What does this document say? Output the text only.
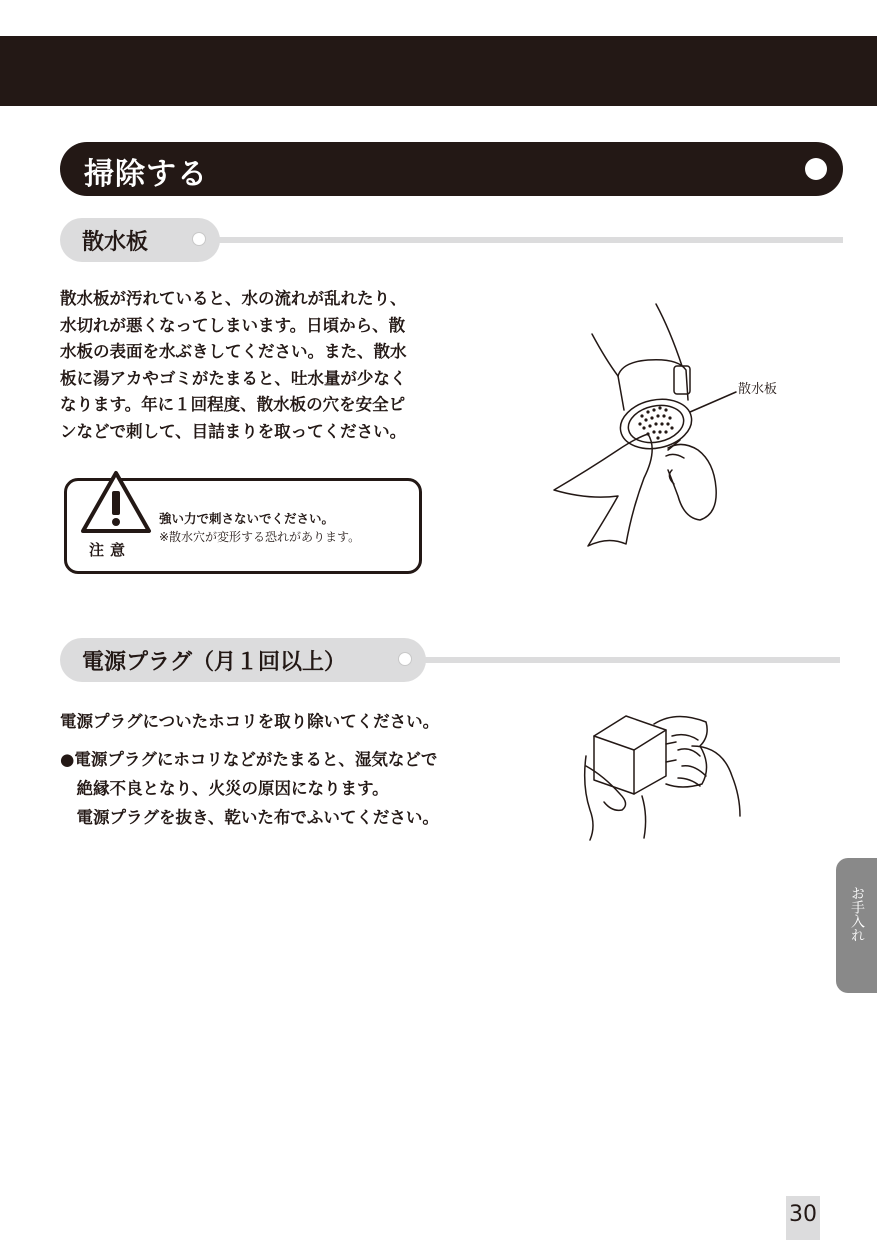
掃除する
散水板
散水板が汚れていると、水の流れが乱れたり、
水切れが悪くなってしまいます。日頃から、散
水板の表面を水ぶきしてください。また、散水
板に湯アカやゴミがたまると、吐水量が少なく
なります。年に１回程度、散水板の穴を安全ピ
ンなどで刺して、目詰まりを取ってください。
注意
強い力で刺さないでください。
※散水穴が変形する恐れがあります。
散水板
電源プラグ（月１回以上）
電源プラグについたホコリを取り除いてください。
●電源プラグにホコリなどがたまると、湿気などで
　絶縁不良となり、火災の原因になります。
　電源プラグを抜き、乾いた布でふいてください。
お手入れ
30
